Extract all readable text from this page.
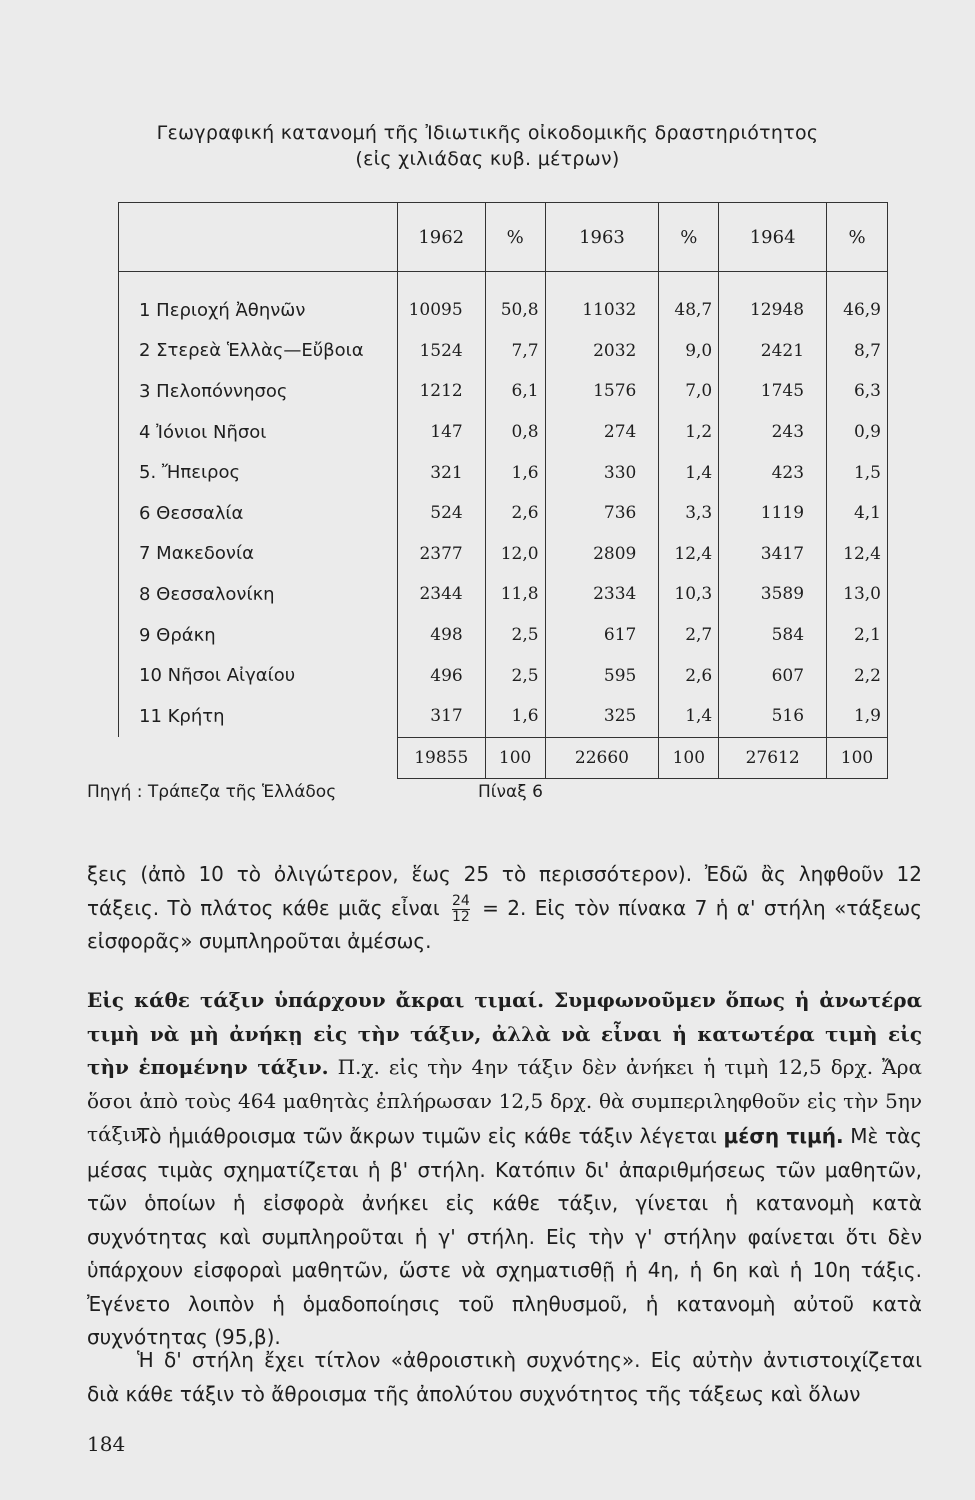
Γεωγραφική κατανομή τῆς Ἰδιωτικῆς οἰκοδομικῆς δραστηριότητος
(εἰς χιλιάδας κυβ. μέτρων)
	1962	%	1963	%	1964	%
1 Περιοχή Ἀθηνῶν	10095	50,8	11032	48,7	12948	46,9
2 Στερεὰ Ἑλλὰς—Εὔβοια	1524	7,7	2032	9,0	2421	8,7
3 Πελοπόννησος	1212	6,1	1576	7,0	1745	6,3
4 Ἰόνιοι Νῆσοι	147	0,8	274	1,2	243	0,9
5. Ἤπειρος	321	1,6	330	1,4	423	1,5
6 Θεσσαλία	524	2,6	736	3,3	1119	4,1
7 Μακεδονία	2377	12,0	2809	12,4	3417	12,4
8 Θεσσαλονίκη	2344	11,8	2334	10,3	3589	13,0
9 Θράκη	498	2,5	617	2,7	584	2,1
10 Νῆσοι Αἰγαίου	496	2,5	595	2,6	607	2,2
11 Κρήτη	317	1,6	325	1,4	516	1,9
	19855	100	22660	100	27612	100
Πηγή : Τράπεζα τῆς Ἑλλάδος	Πίναξ 6
ξεις (ἀπὸ 10 τὸ ὀλιγώτερον, ἕως 25 τὸ περισσότερον). Ἐδῶ ἂς ληφθοῦν 12 τάξεις. Τὸ πλάτος κάθε μιᾶς εἶναι $\frac{24}{12} = 2$. Εἰς τὸν πίνακα 7 ἡ α' στήλη «τάξεως εἰσφορᾶς» συμπληροῦται ἀμέσως.
Εἰς κάθε τάξιν ὑπάρχουν ἄκραι τιμαί. Συμφωνοῦμεν ὅπως ἡ ἀνωτέρα τιμὴ νὰ μὴ ἀνήκῃ εἰς τὴν τάξιν, ἀλλὰ νὰ εἶναι ἡ κατωτέρα τιμὴ εἰς τὴν ἑπομένην τάξιν. Π.χ. εἰς τὴν 4ην τάξιν δὲν ἀνήκει ἡ τιμὴ 12,5 δρχ. Ἄρα ὅσοι ἀπὸ τοὺς 464 μαθητὰς ἐπλήρωσαν 12,5 δρχ. θὰ συμπεριληφθοῦν εἰς τὴν 5ην τάξιν.
Τὸ ἡμιάθροισμα τῶν ἄκρων τιμῶν εἰς κάθε τάξιν λέγεται μέση τιμή. Μὲ τὰς μέσας τιμὰς σχηματίζεται ἡ β' στήλη. Κατόπιν δι' ἀπαριθμήσεως τῶν μαθητῶν, τῶν ὁποίων ἡ εἰσφορὰ ἀνήκει εἰς κάθε τάξιν, γίνεται ἡ κατανομὴ κατὰ συχνότητας καὶ συμπληροῦται ἡ γ' στήλη. Εἰς τὴν γ' στήλην φαίνεται ὅτι δὲν ὑπάρχουν εἰσφοραὶ μαθητῶν, ὥστε νὰ σχηματισθῇ ἡ 4η, ἡ 6η καὶ ἡ 10η τάξις. Ἐγένετο λοιπὸν ἡ ὁμαδοποίησις τοῦ πληθυσμοῦ, ἡ κατανομὴ αὐτοῦ κατὰ συχνότητας (95,β).
Ἡ δ' στήλη ἔχει τίτλον «ἀθροιστικὴ συχνότης». Εἰς αὐτὴν ἀντιστοιχίζεται διὰ κάθε τάξιν τὸ ἄθροισμα τῆς ἀπολύτου συχνότητος τῆς τάξεως καὶ ὅλων
184
